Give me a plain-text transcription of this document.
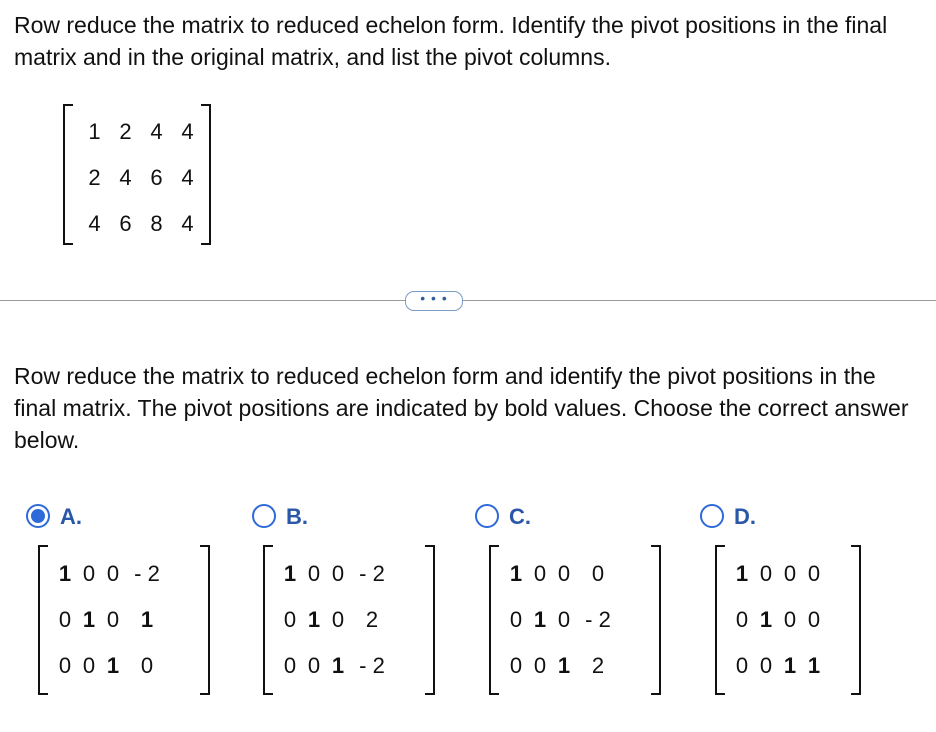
Row reduce the matrix to reduced echelon form. Identify the pivot positions in the final matrix and in the original matrix, and list the pivot columns.

1	2	4	4
2	4	6	4
4	6	8	4
• • •

Row reduce the matrix to reduced echelon form and identify the pivot positions in the final matrix. The pivot positions are indicated by bold values. Choose the correct answer below.

A.
1	0	0	- 2
0	1	0	1
0	0	1	0
B.
1	0	0	- 2
0	1	0	2
0	0	1	- 2
C.
1	0	0	0
0	1	0	- 2
0	0	1	2
D.
1	0	0	0
0	1	0	0
0	0	1	1
